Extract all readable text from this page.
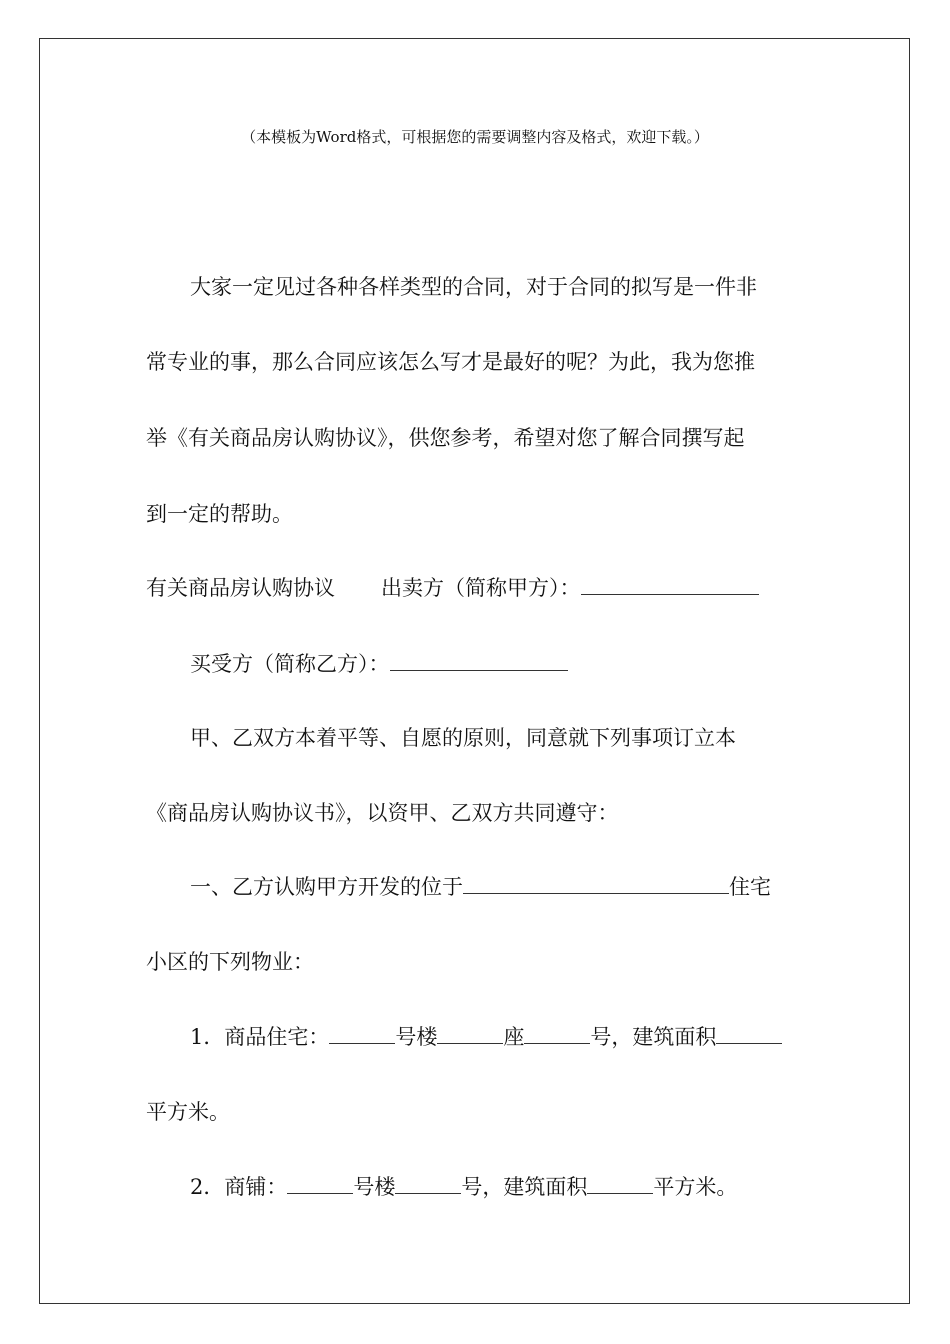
（本模板为Word格式，可根据您的需要调整内容及格式，欢迎下载。）
大家一定见过各种各样类型的合同，对于合同的拟写是一件非
常专业的事，那么合同应该怎么写才是最好的呢？为此，我为您推
举《有关商品房认购协议》，供您参考，希望对您了解合同撰写起
到一定的帮助。
有关商品房认购协议 出卖方（简称甲方）：
买受方（简称乙方）：
甲、乙双方本着平等、自愿的原则，同意就下列事项订立本
《商品房认购协议书》，以资甲、乙双方共同遵守：
一、乙方认购甲方开发的位于	住宅
小区的下列物业：
1．商品住宅：	号楼	座	号，建筑面积
平方米。
2．商铺：	号楼	号，建筑面积	平方米。
